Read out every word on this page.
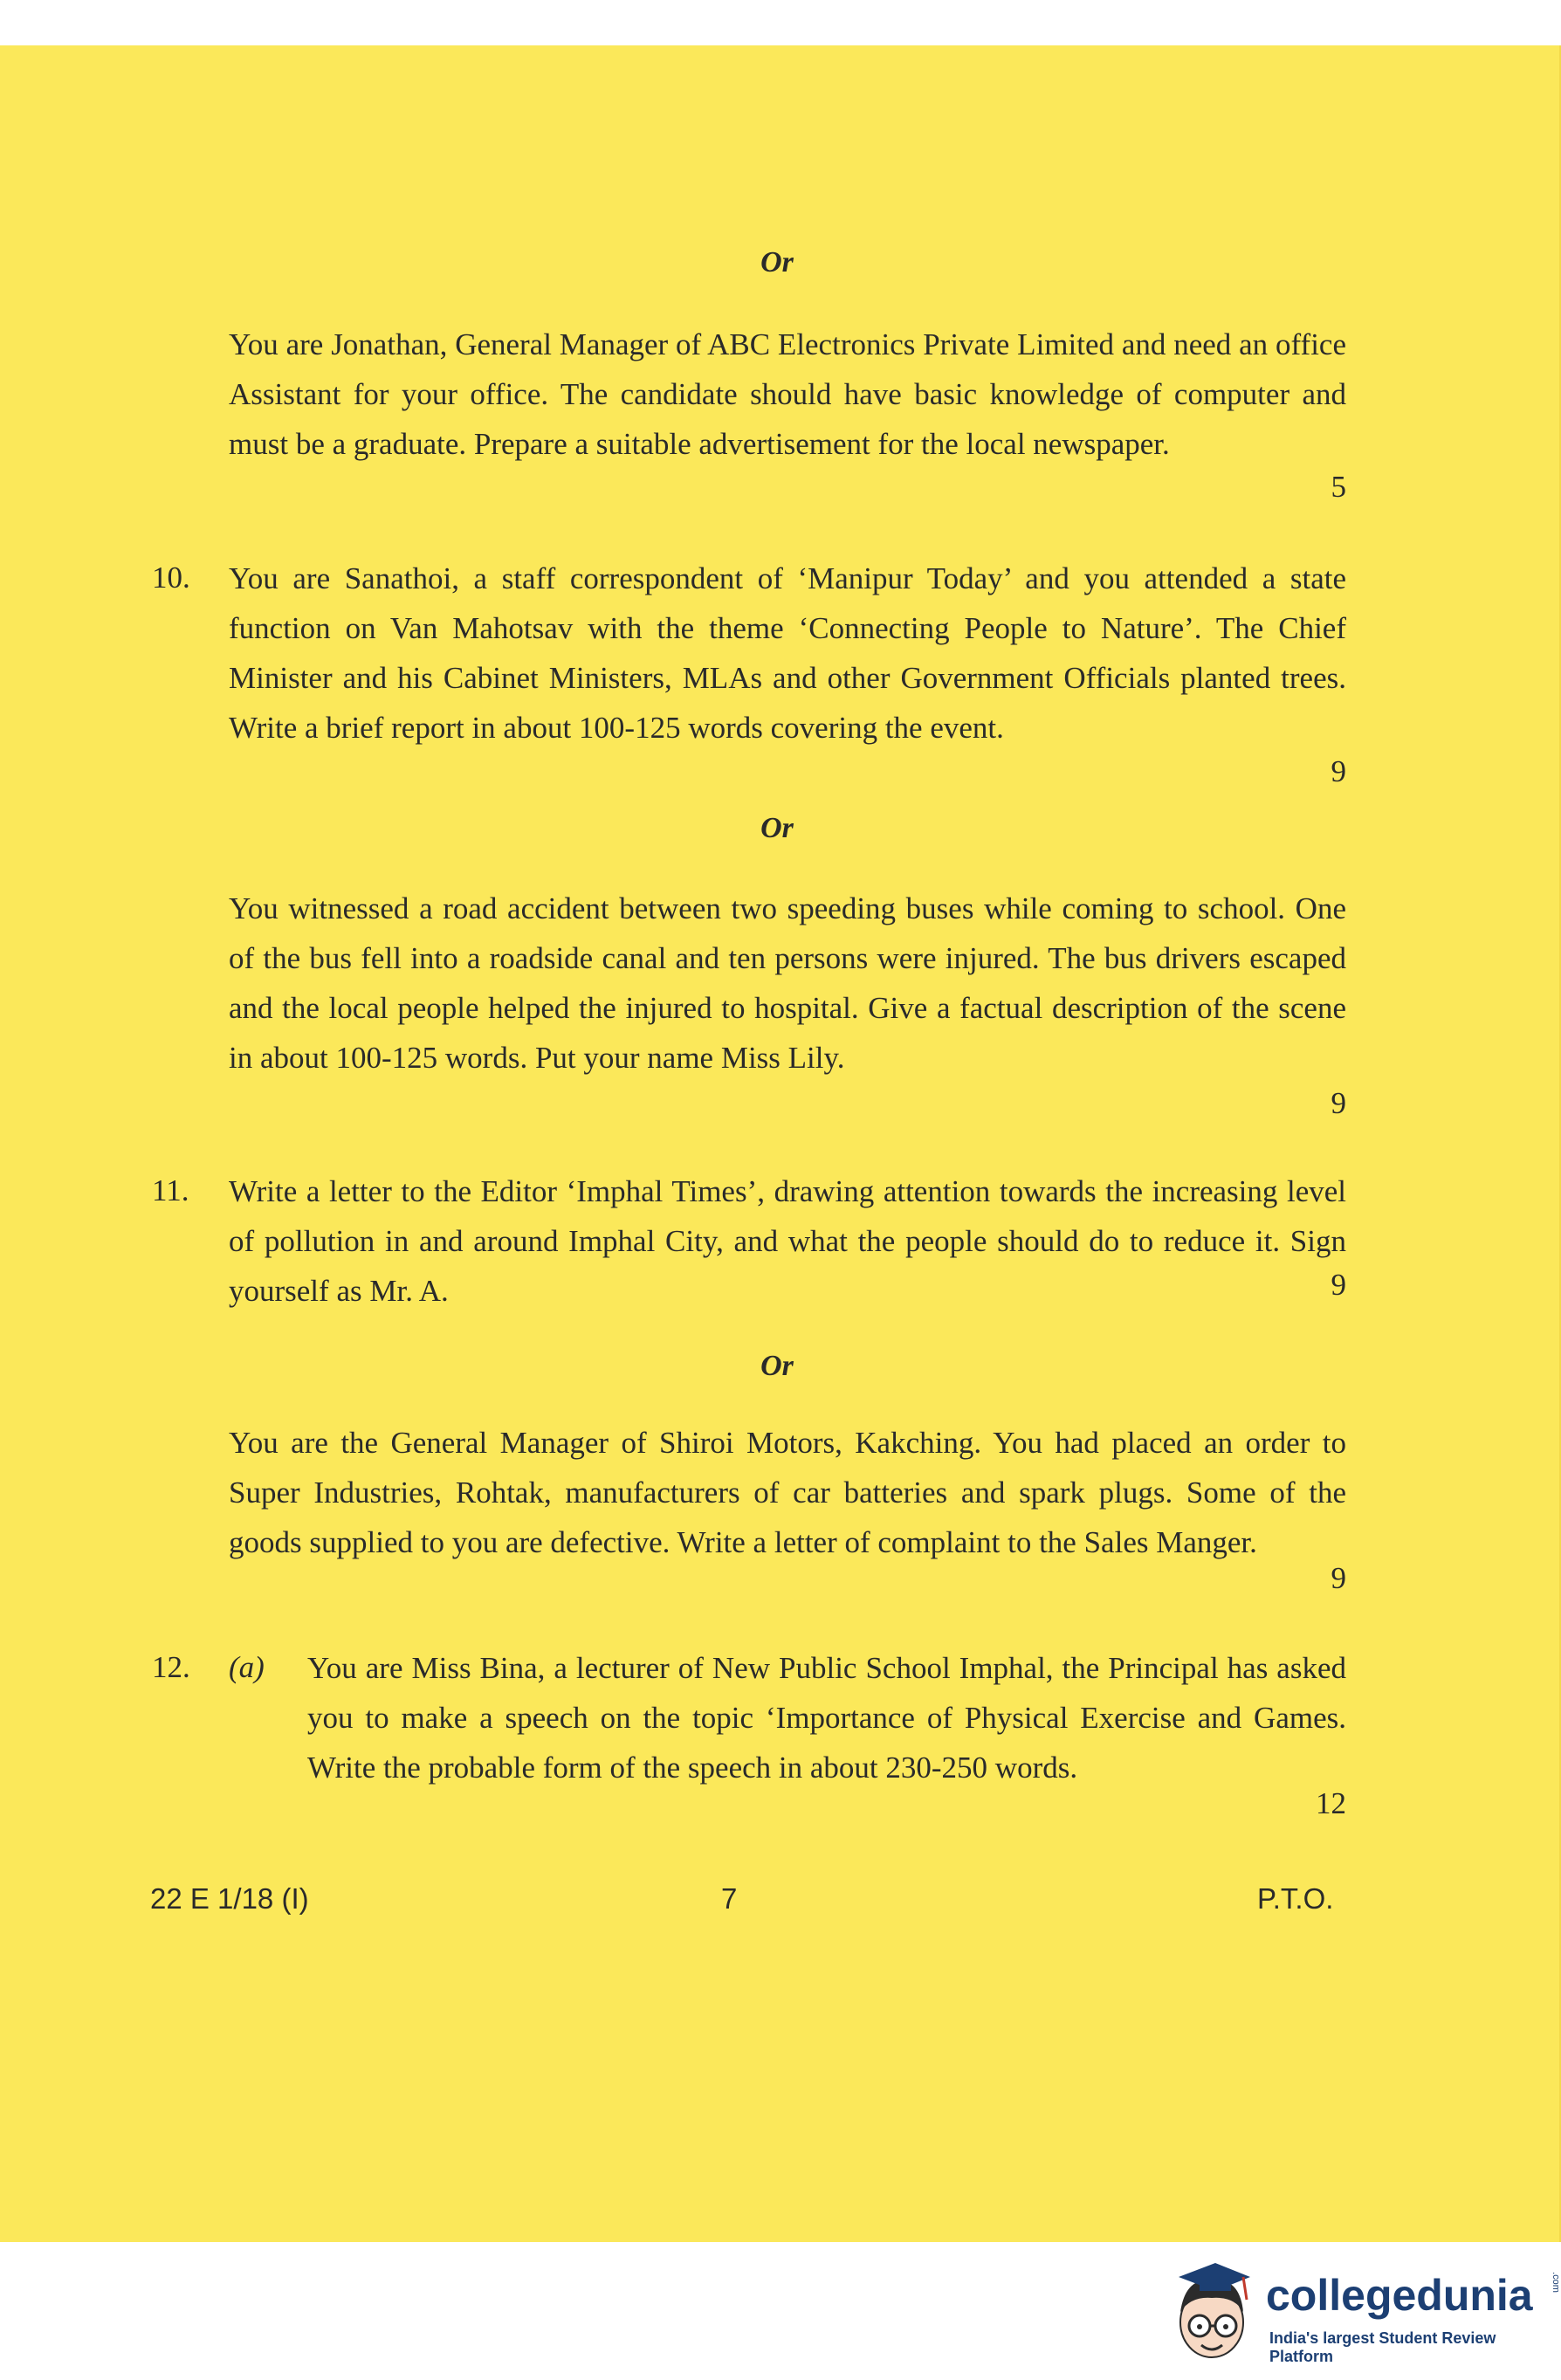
Or

You are Jonathan, General Manager of ABC Electronics Private Limited and need an office Assistant for your office. The candidate should have basic knowledge of computer and must be a graduate. Prepare a suitable advertisement for the local newspaper.

5
10. You are Sanathoi, a staff correspondent of ‘Manipur Today’ and you attended a state function on Van Mahotsav with the theme ‘Connecting People to Nature’. The Chief Minister and his Cabinet Ministers, MLAs and other Government Officials planted trees. Write a brief report in about 100-125 words covering the event.

9
Or

You witnessed a road accident between two speeding buses while coming to school. One of the bus fell into a roadside canal and ten persons were injured. The bus drivers escaped and the local people helped the injured to hospital. Give a factual description of the scene in about 100-125 words. Put your name Miss Lily.

9
11. Write a letter to the Editor ‘Imphal Times’, drawing attention towards the increasing level of pollution in and around Imphal City, and what the people should do to reduce it. Sign yourself as Mr. A.	9
Or

You are the General Manager of Shiroi Motors, Kakching. You had placed an order to Super Industries, Rohtak, manufacturers of car batteries and spark plugs. Some of the goods supplied to you are defective. Write a letter of complaint to the Sales Manger.

9
12. (a) You are Miss Bina, a lecturer of New Public School Imphal, the Principal has asked you to make a speech on the topic ‘Importance of Physical Exercise and Games. Write the probable form of the speech in about 230-250 words.

12
22 E 1/18 (I)	7	P.T.O.
collegedunia .com
India's largest Student Review Platform
